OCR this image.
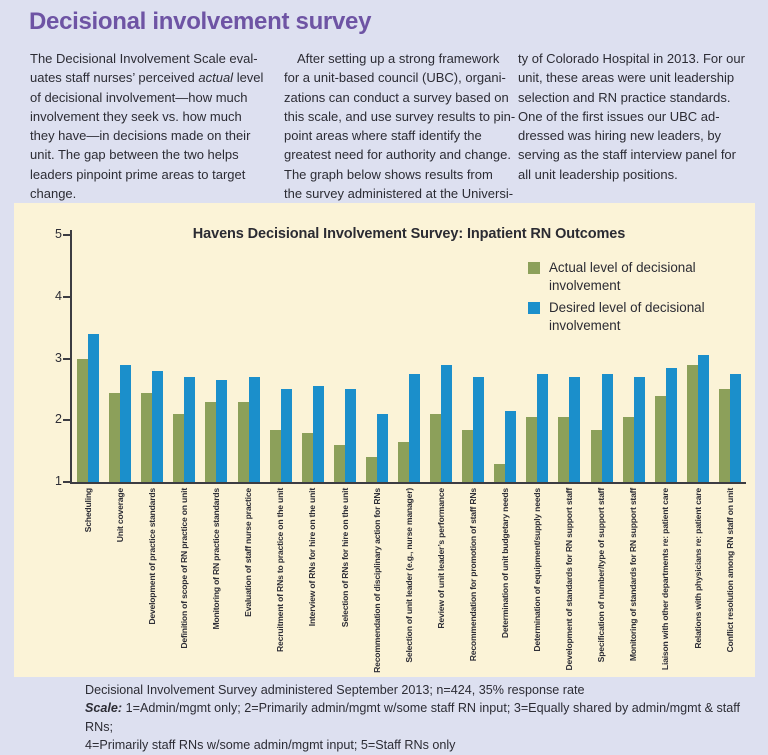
Decisional involvement survey
The Decisional Involvement Scale eval-
uates staff nurses’ perceived actual level
of decisional involvement—how much
involvement they seek vs. how much
they have—in decisions made on their
unit. The gap between the two helps
leaders pinpoint prime areas to target
change.
After setting up a strong framework
for a unit-based council (UBC), organi-
zations can conduct a survey based on
this scale, and use survey results to pin-
point areas where staff identify the
greatest need for authority and change.
The graph below shows results from
the survey administered at the Universi-
ty of Colorado Hospital in 2013. For our
unit, these areas were unit leadership
selection and RN practice standards.
One of the first issues our UBC ad-
dressed was hiring new leaders, by
serving as the staff interview panel for
all unit leadership positions.
Havens Decisional Involvement Survey: Inpatient RN Outcomes
5
4
3
2
1
Scheduling	Unit coverage	Development of practice standards	Definition of scope of RN practice on unit	Monitoring of RN practice standards	Evaluation of staff nurse practice	Recruitment of RNs to practice on the unit	Interview of RNs for hire on the unit	Selection of RNs for hire on the unit	Recommendation of disciplinary action for RNs	Selection of unit leader (e.g., nurse manager)	Review of unit leader’s performance	Recommendation for promotion of staff RNs	Determination of unit budgetary needs	Determination of equipment/supply needs	Development of standards for RN support staff	Specification of number/type of support staff	Monitoring of standards for RN support staff	Liaison with other departments re: patient care	Relations with physicians re: patient care	Conflict resolution among RN staff on unit
Actual level of decisional involvement
Desired level of decisional involvement
Decisional Involvement Survey administered September 2013; n=424, 35% response rate
Scale: 1=Admin/mgmt only; 2=Primarily admin/mgmt w/some staff RN input; 3=Equally shared by admin/mgmt & staff RNs;
4=Primarily staff RNs w/some admin/mgmt input; 5=Staff RNs only
